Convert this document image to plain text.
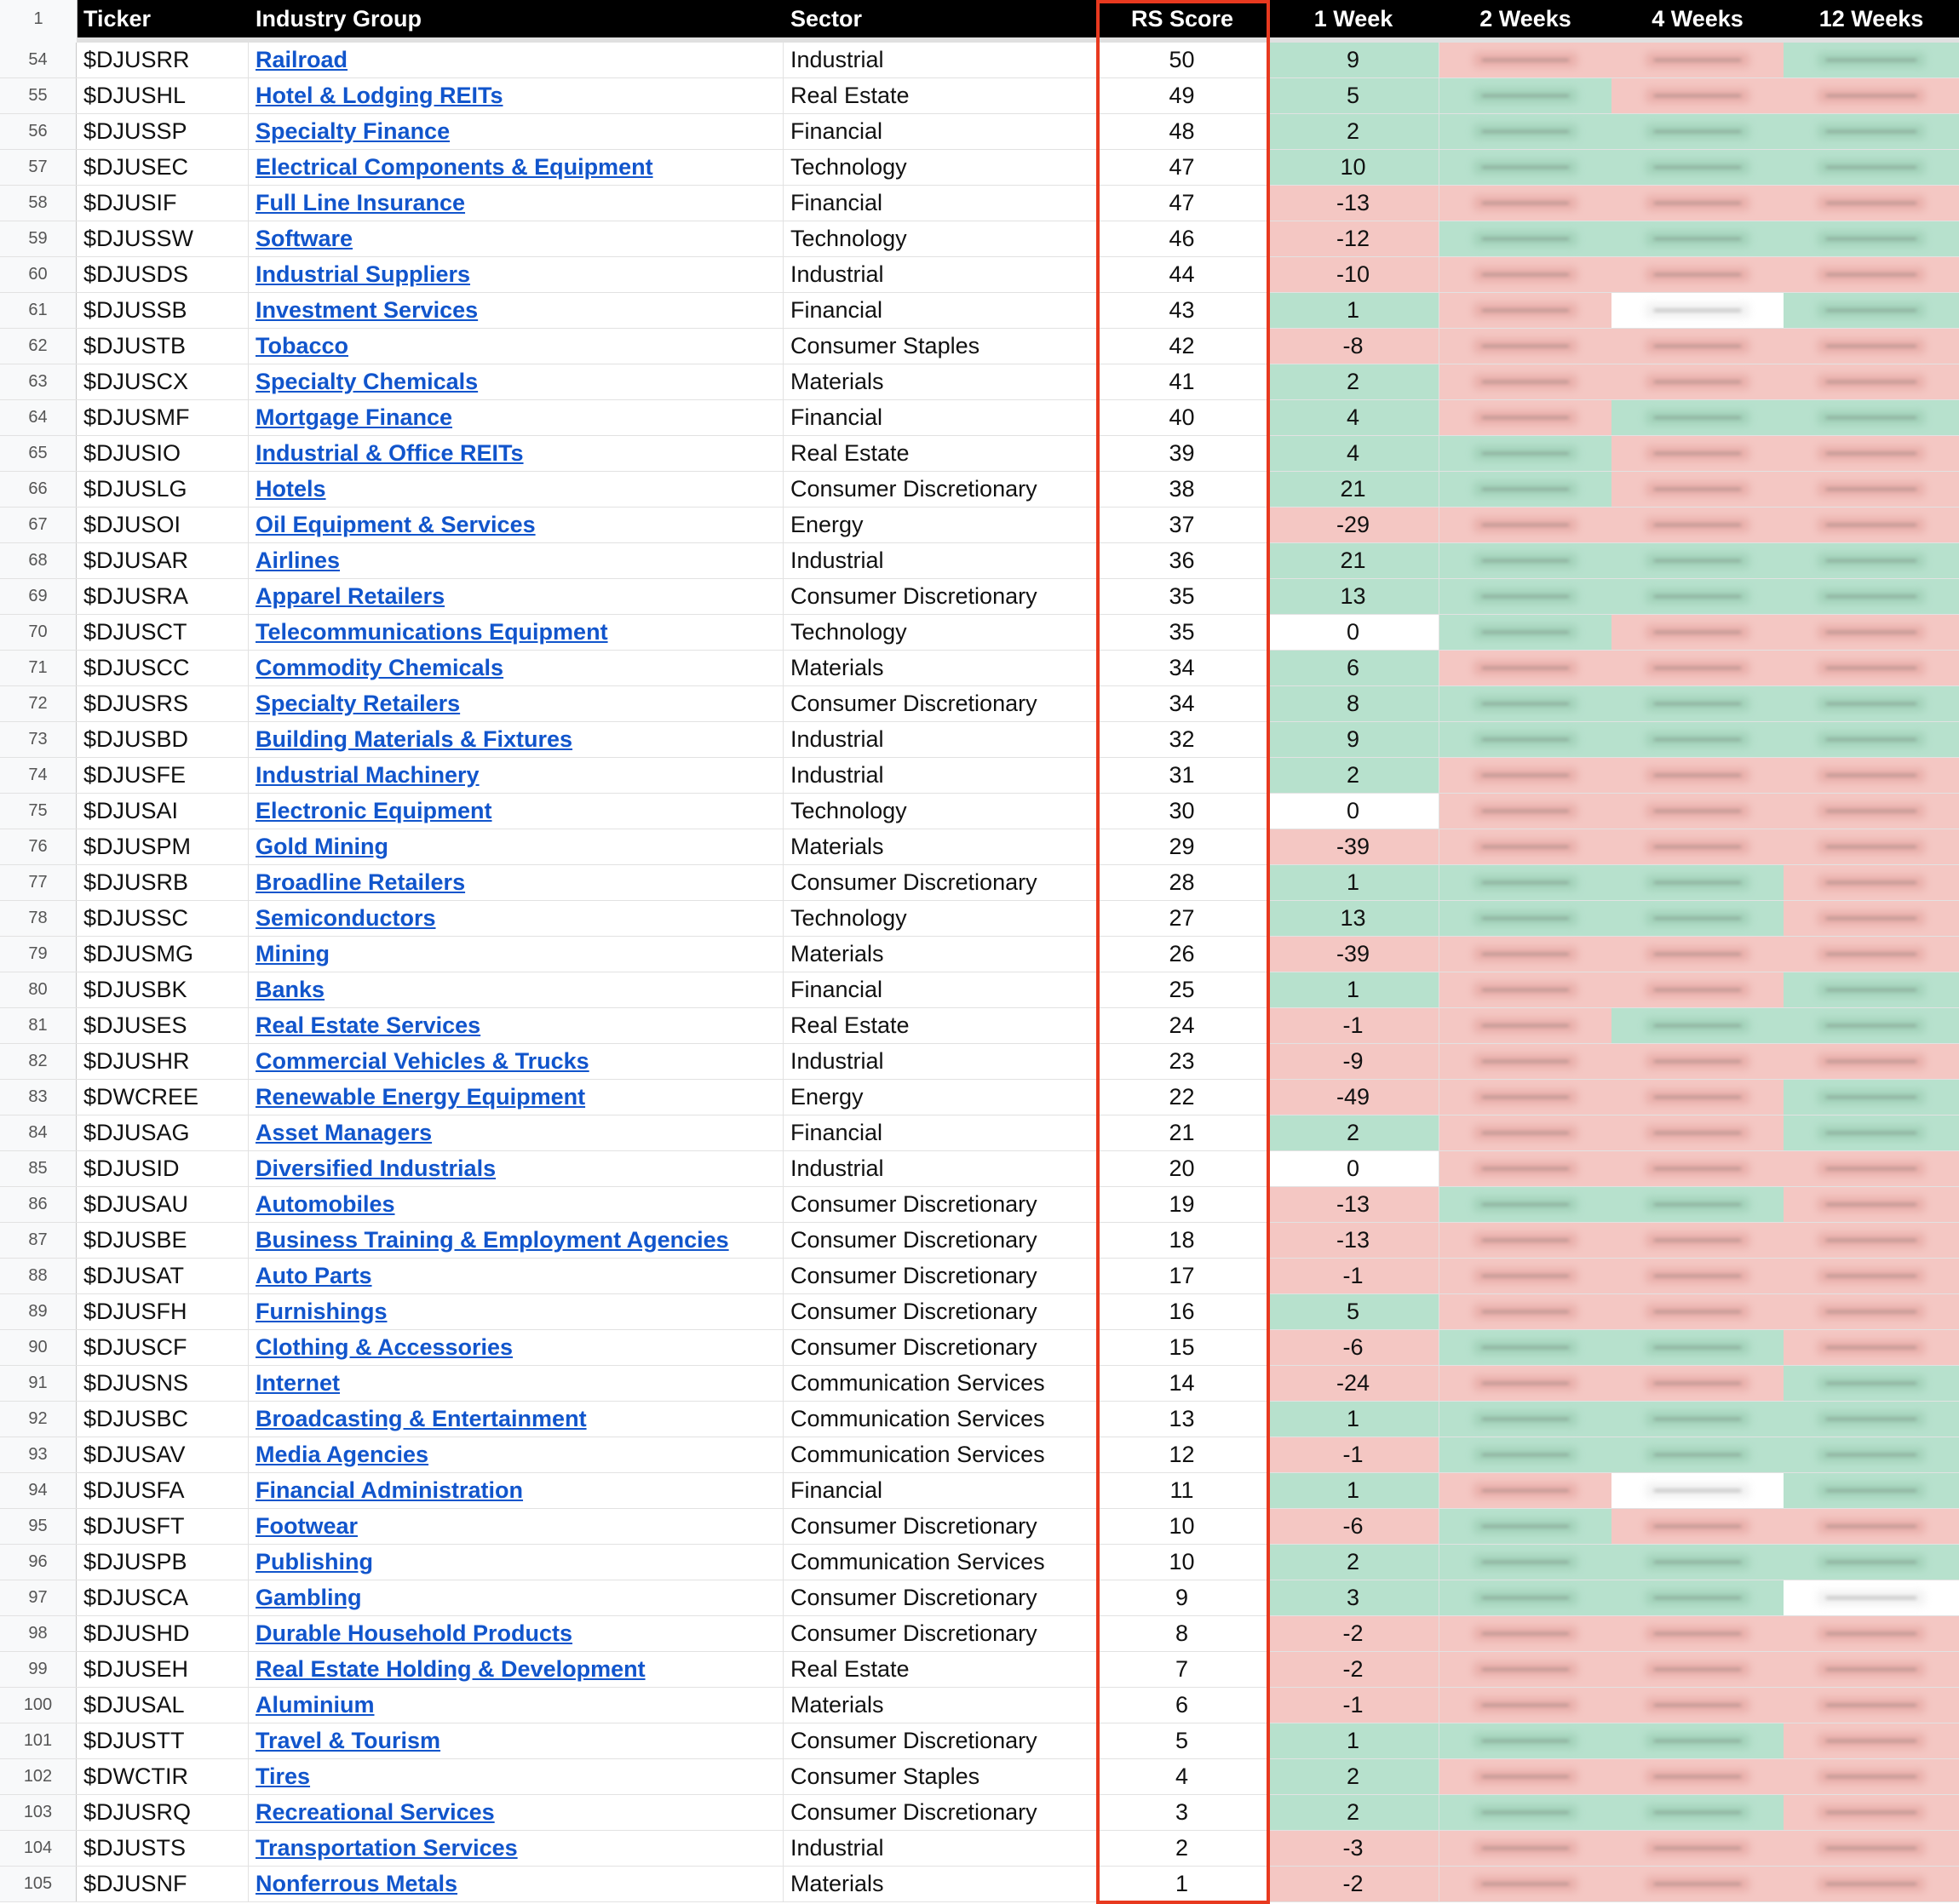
1	Ticker	Industry Group	Sector	RS Score	1 Week	2 Weeks	4 Weeks	12 Weeks
54	$DJUSRR	Railroad	Industrial	50	9
55	$DJUSHL	Hotel & Lodging REITs	Real Estate	49	5
56	$DJUSSP	Specialty Finance	Financial	48	2
57	$DJUSEC	Electrical Components & Equipment	Technology	47	10
58	$DJUSIF	Full Line Insurance	Financial	47	-13
59	$DJUSSW	Software	Technology	46	-12
60	$DJUSDS	Industrial Suppliers	Industrial	44	-10
61	$DJUSSB	Investment Services	Financial	43	1
62	$DJUSTB	Tobacco	Consumer Staples	42	-8
63	$DJUSCX	Specialty Chemicals	Materials	41	2
64	$DJUSMF	Mortgage Finance	Financial	40	4
65	$DJUSIO	Industrial & Office REITs	Real Estate	39	4
66	$DJUSLG	Hotels	Consumer Discretionary	38	21
67	$DJUSOI	Oil Equipment & Services	Energy	37	-29
68	$DJUSAR	Airlines	Industrial	36	21
69	$DJUSRA	Apparel Retailers	Consumer Discretionary	35	13
70	$DJUSCT	Telecommunications Equipment	Technology	35	0
71	$DJUSCC	Commodity Chemicals	Materials	34	6
72	$DJUSRS	Specialty Retailers	Consumer Discretionary	34	8
73	$DJUSBD	Building Materials & Fixtures	Industrial	32	9
74	$DJUSFE	Industrial Machinery	Industrial	31	2
75	$DJUSAI	Electronic Equipment	Technology	30	0
76	$DJUSPM	Gold Mining	Materials	29	-39
77	$DJUSRB	Broadline Retailers	Consumer Discretionary	28	1
78	$DJUSSC	Semiconductors	Technology	27	13
79	$DJUSMG	Mining	Materials	26	-39
80	$DJUSBK	Banks	Financial	25	1
81	$DJUSES	Real Estate Services	Real Estate	24	-1
82	$DJUSHR	Commercial Vehicles & Trucks	Industrial	23	-9
83	$DWCREE	Renewable Energy Equipment	Energy	22	-49
84	$DJUSAG	Asset Managers	Financial	21	2
85	$DJUSID	Diversified Industrials	Industrial	20	0
86	$DJUSAU	Automobiles	Consumer Discretionary	19	-13
87	$DJUSBE	Business Training & Employment Agencies	Consumer Discretionary	18	-13
88	$DJUSAT	Auto Parts	Consumer Discretionary	17	-1
89	$DJUSFH	Furnishings	Consumer Discretionary	16	5
90	$DJUSCF	Clothing & Accessories	Consumer Discretionary	15	-6
91	$DJUSNS	Internet	Communication Services	14	-24
92	$DJUSBC	Broadcasting & Entertainment	Communication Services	13	1
93	$DJUSAV	Media Agencies	Communication Services	12	-1
94	$DJUSFA	Financial Administration	Financial	11	1
95	$DJUSFT	Footwear	Consumer Discretionary	10	-6
96	$DJUSPB	Publishing	Communication Services	10	2
97	$DJUSCA	Gambling	Consumer Discretionary	9	3
98	$DJUSHD	Durable Household Products	Consumer Discretionary	8	-2
99	$DJUSEH	Real Estate Holding & Development	Real Estate	7	-2
100	$DJUSAL	Aluminium	Materials	6	-1
101	$DJUSTT	Travel & Tourism	Consumer Discretionary	5	1
102	$DWCTIR	Tires	Consumer Staples	4	2
103	$DJUSRQ	Recreational Services	Consumer Discretionary	3	2
104	$DJUSTS	Transportation Services	Industrial	2	-3
105	$DJUSNF	Nonferrous Metals	Materials	1	-2
